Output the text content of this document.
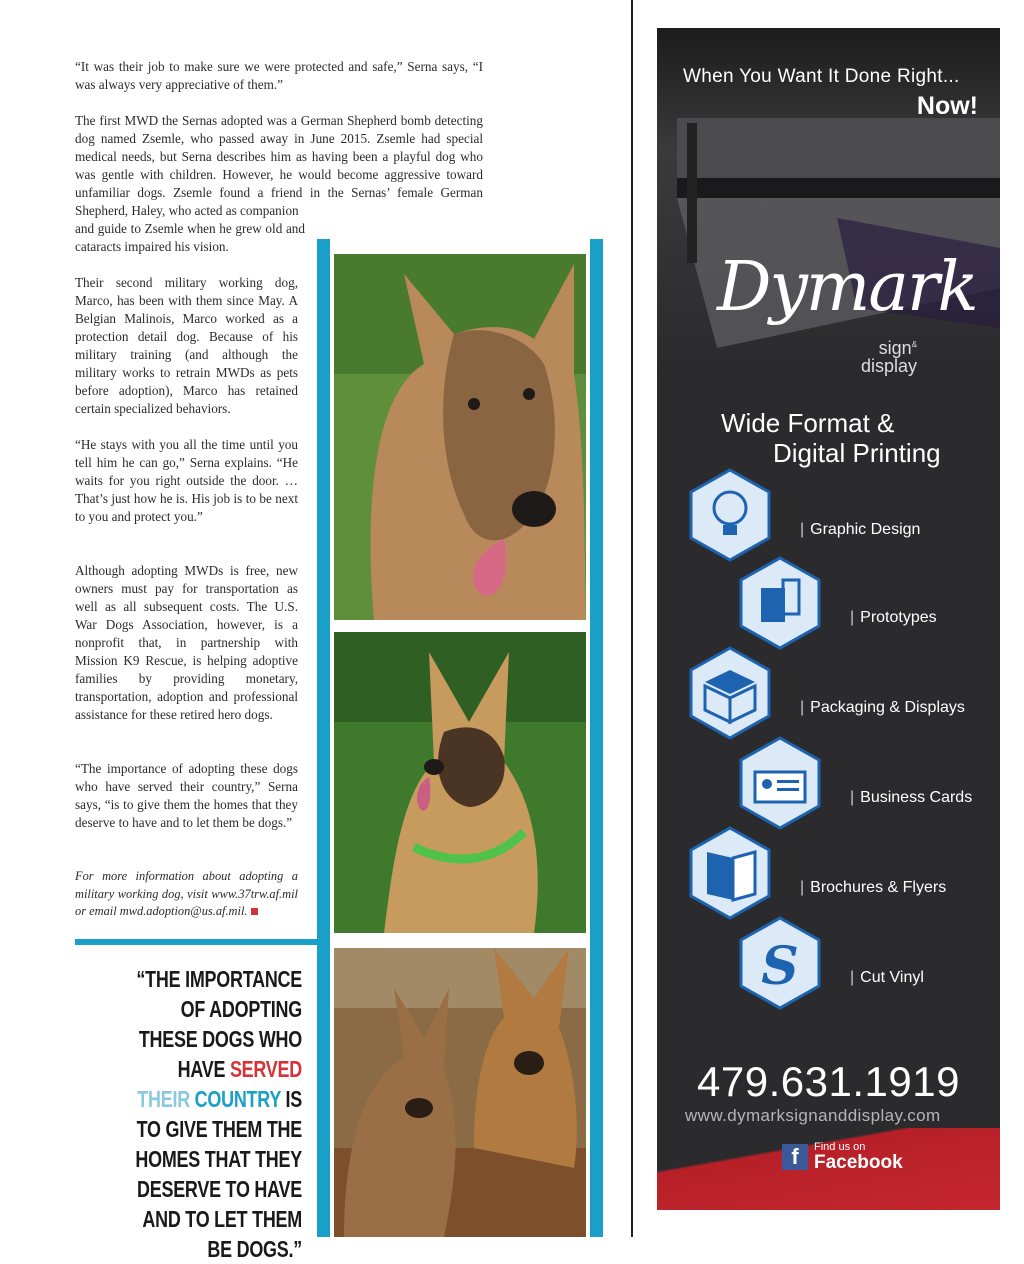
“It was their job to make sure we were protected and safe,” Serna says, “I was always very appreciative of them.”

The first MWD the Sernas adopted was a German Shepherd bomb detecting dog named Zsemle, who passed away in June 2015. Zsemle had special medical needs, but Serna describes him as having been a playful dog who was gentle with children. However, he would become aggressive toward unfamiliar dogs. Zsemle found a friend in the Sernas’ female German Shepherd, Haley, who acted as companion

and guide to Zsemle when he grew old and cataracts impaired his vision.

Their second military working dog, Marco, has been with them since May. A Belgian Malinois, Marco worked as a protection detail dog. Because of his military training (and although the military works to retrain MWDs as pets before adoption), Marco has retained certain specialized behaviors.

“He stays with you all the time until you tell him he can go,” Serna explains. “He waits for you right outside the door. … That’s just how he is. His job is to be next to you and protect you.”

Although adopting MWDs is free, new owners must pay for transportation as well as all subsequent costs. The U.S. War Dogs Association, however, is a nonprofit that, in partnership with Mission K9 Rescue, is helping adoptive families by providing monetary, transportation, adoption and professional assistance for these retired hero dogs.

“The importance of adopting these dogs who have served their country,” Serna says, “is to give them the homes that they deserve to have and to let them be dogs.”

For more information about adopting a military working dog, visit www.37trw.af.mil or email mwd.adoption@us.af.mil.

“THE IMPORTANCE OF ADOPTING THESE DOGS WHO HAVE SERVED THEIR COUNTRY IS TO GIVE THEM THE HOMES THAT THEY DESERVE TO HAVE AND TO LET THEM BE DOGS.”
When You Want It Done Right...
Now!
Dymark
sign&
display
Wide Format &
Digital Printing
S
| Graphic Design
| Prototypes
| Packaging & Displays
| Business Cards
| Brochures & Flyers
| Cut Vinyl
479.631.1919
www.dymarksignanddisplay.com
f	Find us on
Facebook
